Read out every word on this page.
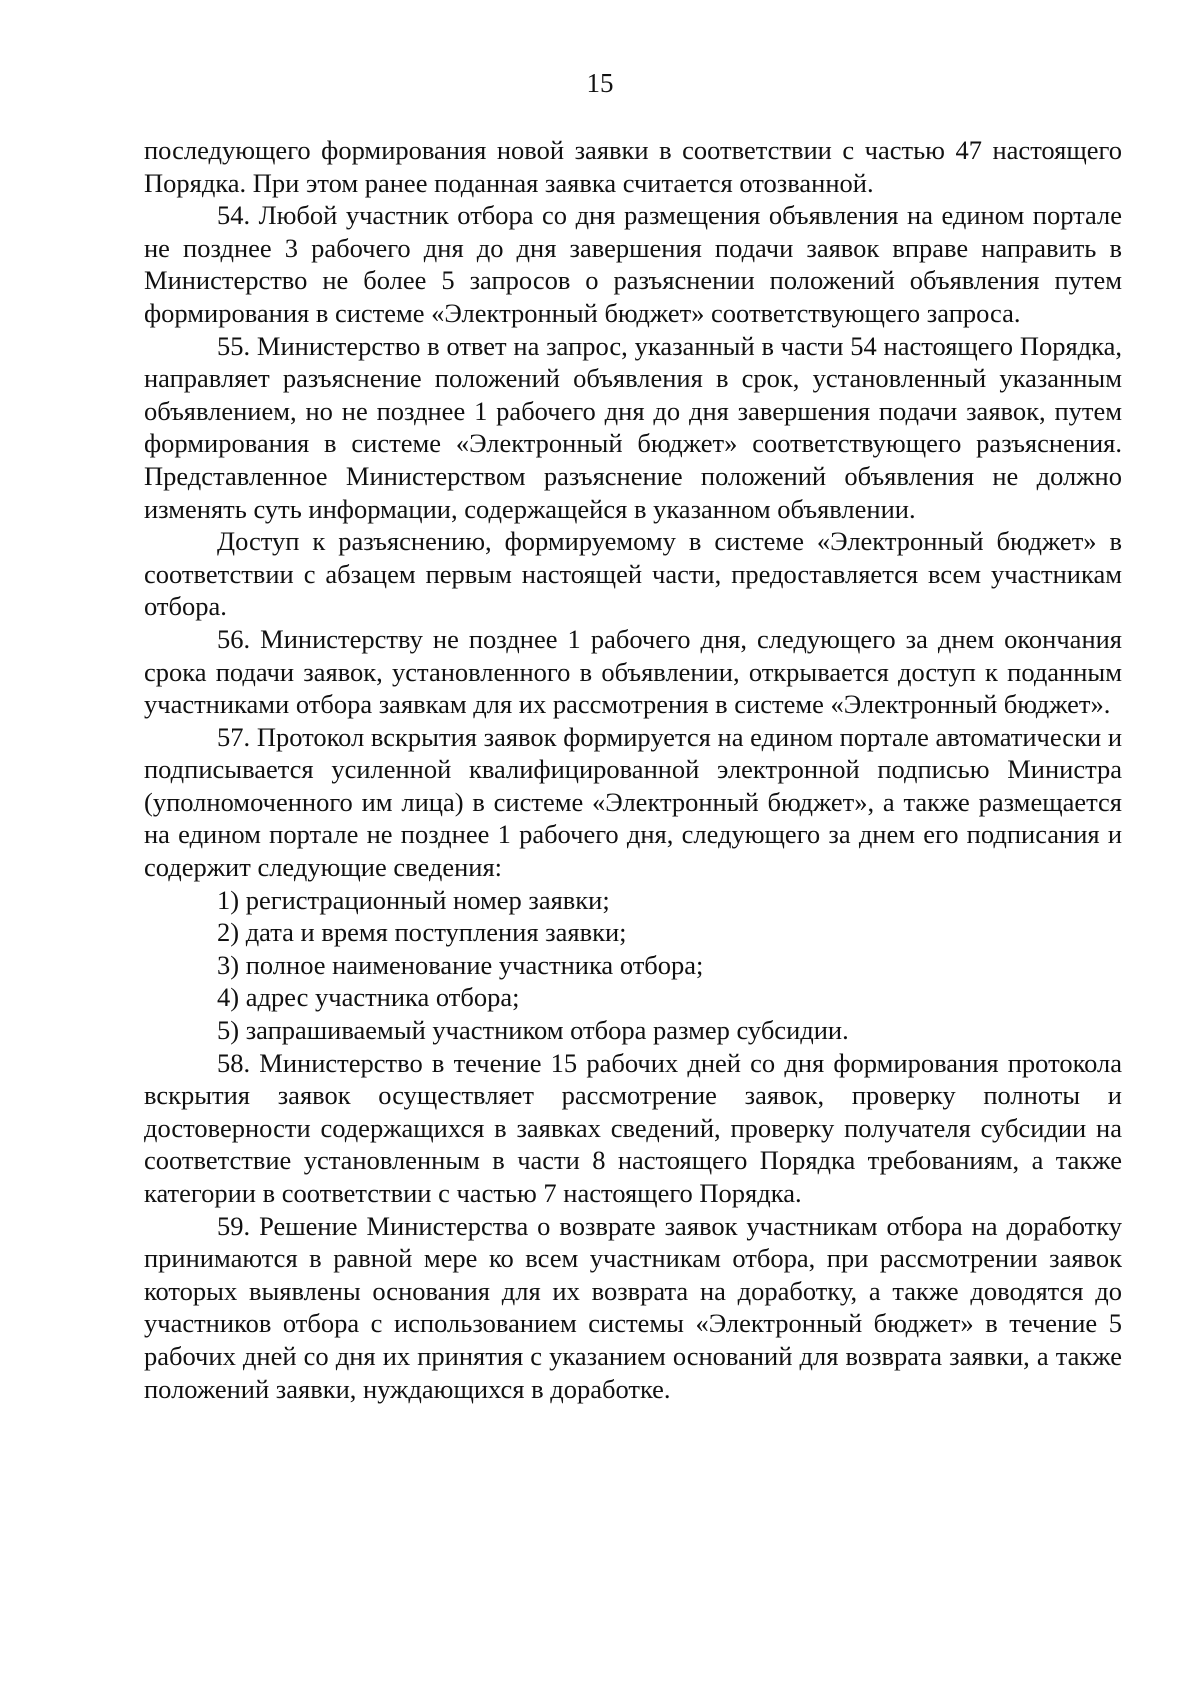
15

последующего формирования новой заявки в соответствии с частью 47 настоящего Порядка. При этом ранее поданная заявка считается отозванной.

54. Любой участник отбора со дня размещения объявления на едином портале не позднее 3 рабочего дня до дня завершения подачи заявок вправе направить в Министерство не более 5 запросов о разъяснении положений объявления путем формирования в системе «Электронный бюджет» соответствующего запроса.

55. Министерство в ответ на запрос, указанный в части 54 настоящего Порядка, направляет разъяснение положений объявления в срок, установленный указанным объявлением, но не позднее 1 рабочего дня до дня завершения подачи заявок, путем формирования в системе «Электронный бюджет» соответствующего разъяснения. Представленное Министерством разъяснение положений объявления не должно изменять суть информации, содержащейся в указанном объявлении.

Доступ к разъяснению, формируемому в системе «Электронный бюджет» в соответствии с абзацем первым настоящей части, предоставляется всем участникам отбора.

56. Министерству не позднее 1 рабочего дня, следующего за днем окончания срока подачи заявок, установленного в объявлении, открывается доступ к поданным участниками отбора заявкам для их рассмотрения в системе «Электронный бюджет».

57. Протокол вскрытия заявок формируется на едином портале автоматически и подписывается усиленной квалифицированной электронной подписью Министра (уполномоченного им лица) в системе «Электронный бюджет», а также размещается на едином портале не позднее 1 рабочего дня, следующего за днем его подписания и содержит следующие сведения:

1) регистрационный номер заявки;

2) дата и время поступления заявки;

3) полное наименование участника отбора;

4) адрес участника отбора;

5) запрашиваемый участником отбора размер субсидии.

58. Министерство в течение 15 рабочих дней со дня формирования протокола вскрытия заявок осуществляет рассмотрение заявок, проверку полноты и достоверности содержащихся в заявках сведений, проверку получателя субсидии на соответствие установленным в части 8 настоящего Порядка требованиям, а также категории в соответствии с частью 7 настоящего Порядка.

59. Решение Министерства о возврате заявок участникам отбора на доработку принимаются в равной мере ко всем участникам отбора, при рассмотрении заявок которых выявлены основания для их возврата на доработку, а также доводятся до участников отбора с использованием системы «Электронный бюджет» в течение 5 рабочих дней со дня их принятия с указанием оснований для возврата заявки, а также положений заявки, нуждающихся в доработке.
